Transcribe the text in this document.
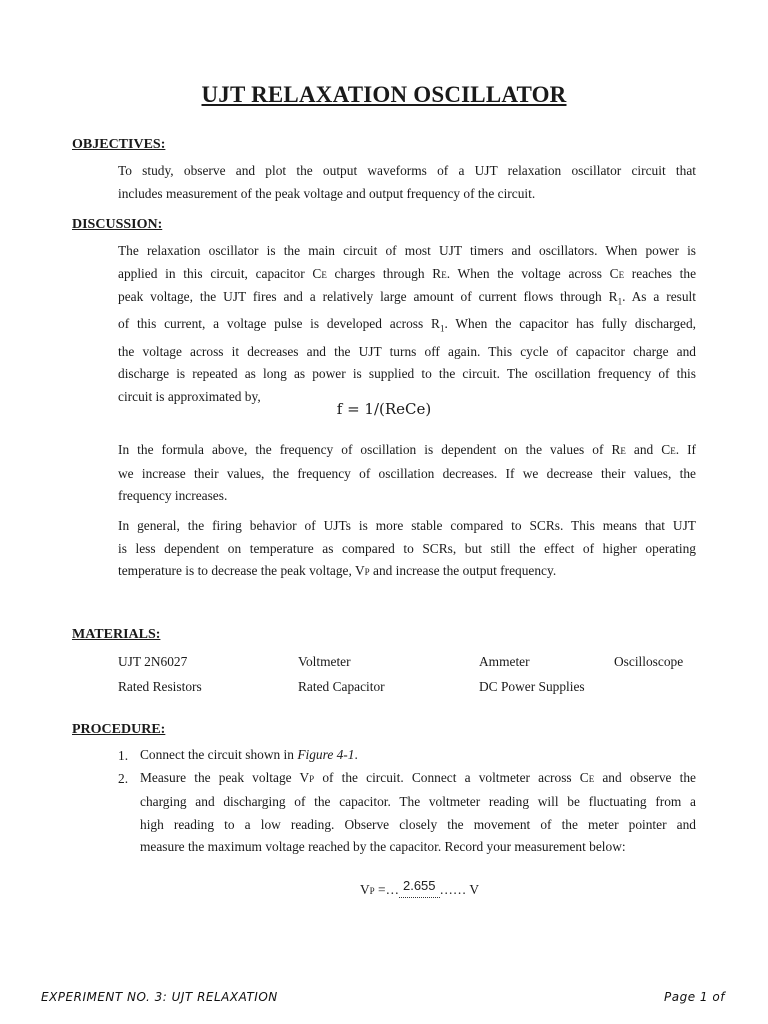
UJT RELAXATION OSCILLATOR

OBJECTIVES:

To study, observe and plot the output waveforms of a UJT relaxation oscillator circuit that
includes measurement of the peak voltage and output frequency of the circuit.

DISCUSSION:

The relaxation oscillator is the main circuit of most UJT timers and oscillators. When power is
applied in this circuit, capacitor CE charges through RE. When the voltage across CE reaches the
peak voltage, the UJT fires and a relatively large amount of current flows through $R_1$. As a result
of this current, a voltage pulse is developed across $R_1$. When the capacitor has fully discharged,
the voltage across it decreases and the UJT turns off again. This cycle of capacitor charge and
discharge is repeated as long as power is supplied to the circuit. The oscillation frequency of this
circuit is approximated by,
f = 1/(ReCe)
In the formula above, the frequency of oscillation is dependent on the values of RE and CE. If
we increase their values, the frequency of oscillation decreases. If we decrease their values, the
frequency increases.
In general, the firing behavior of UJTs is more stable compared to SCRs. This means that UJT
is less dependent on temperature as compared to SCRs, but still the effect of higher operating
temperature is to decrease the peak voltage, VP and increase the output frequency.

MATERIALS:

UJT 2N6027	Voltmeter	Ammeter	Oscilloscope
Rated Resistors	Rated Capacitor	DC Power Supplies

PROCEDURE:

1. Connect the circuit shown in Figure 4-1.
2. Measure the peak voltage VP of the circuit. Connect a voltmeter across CE and observe the
charging and discharging of the capacitor. The voltmeter reading will be fluctuating from a
high reading to a low reading. Observe closely the movement of the meter pointer and
measure the maximum voltage reached by the capacitor. Record your measurement below:
VP =… 2.655 …… V
EXPERIMENT NO. 3: UJT RELAXATION	Page 1 of
